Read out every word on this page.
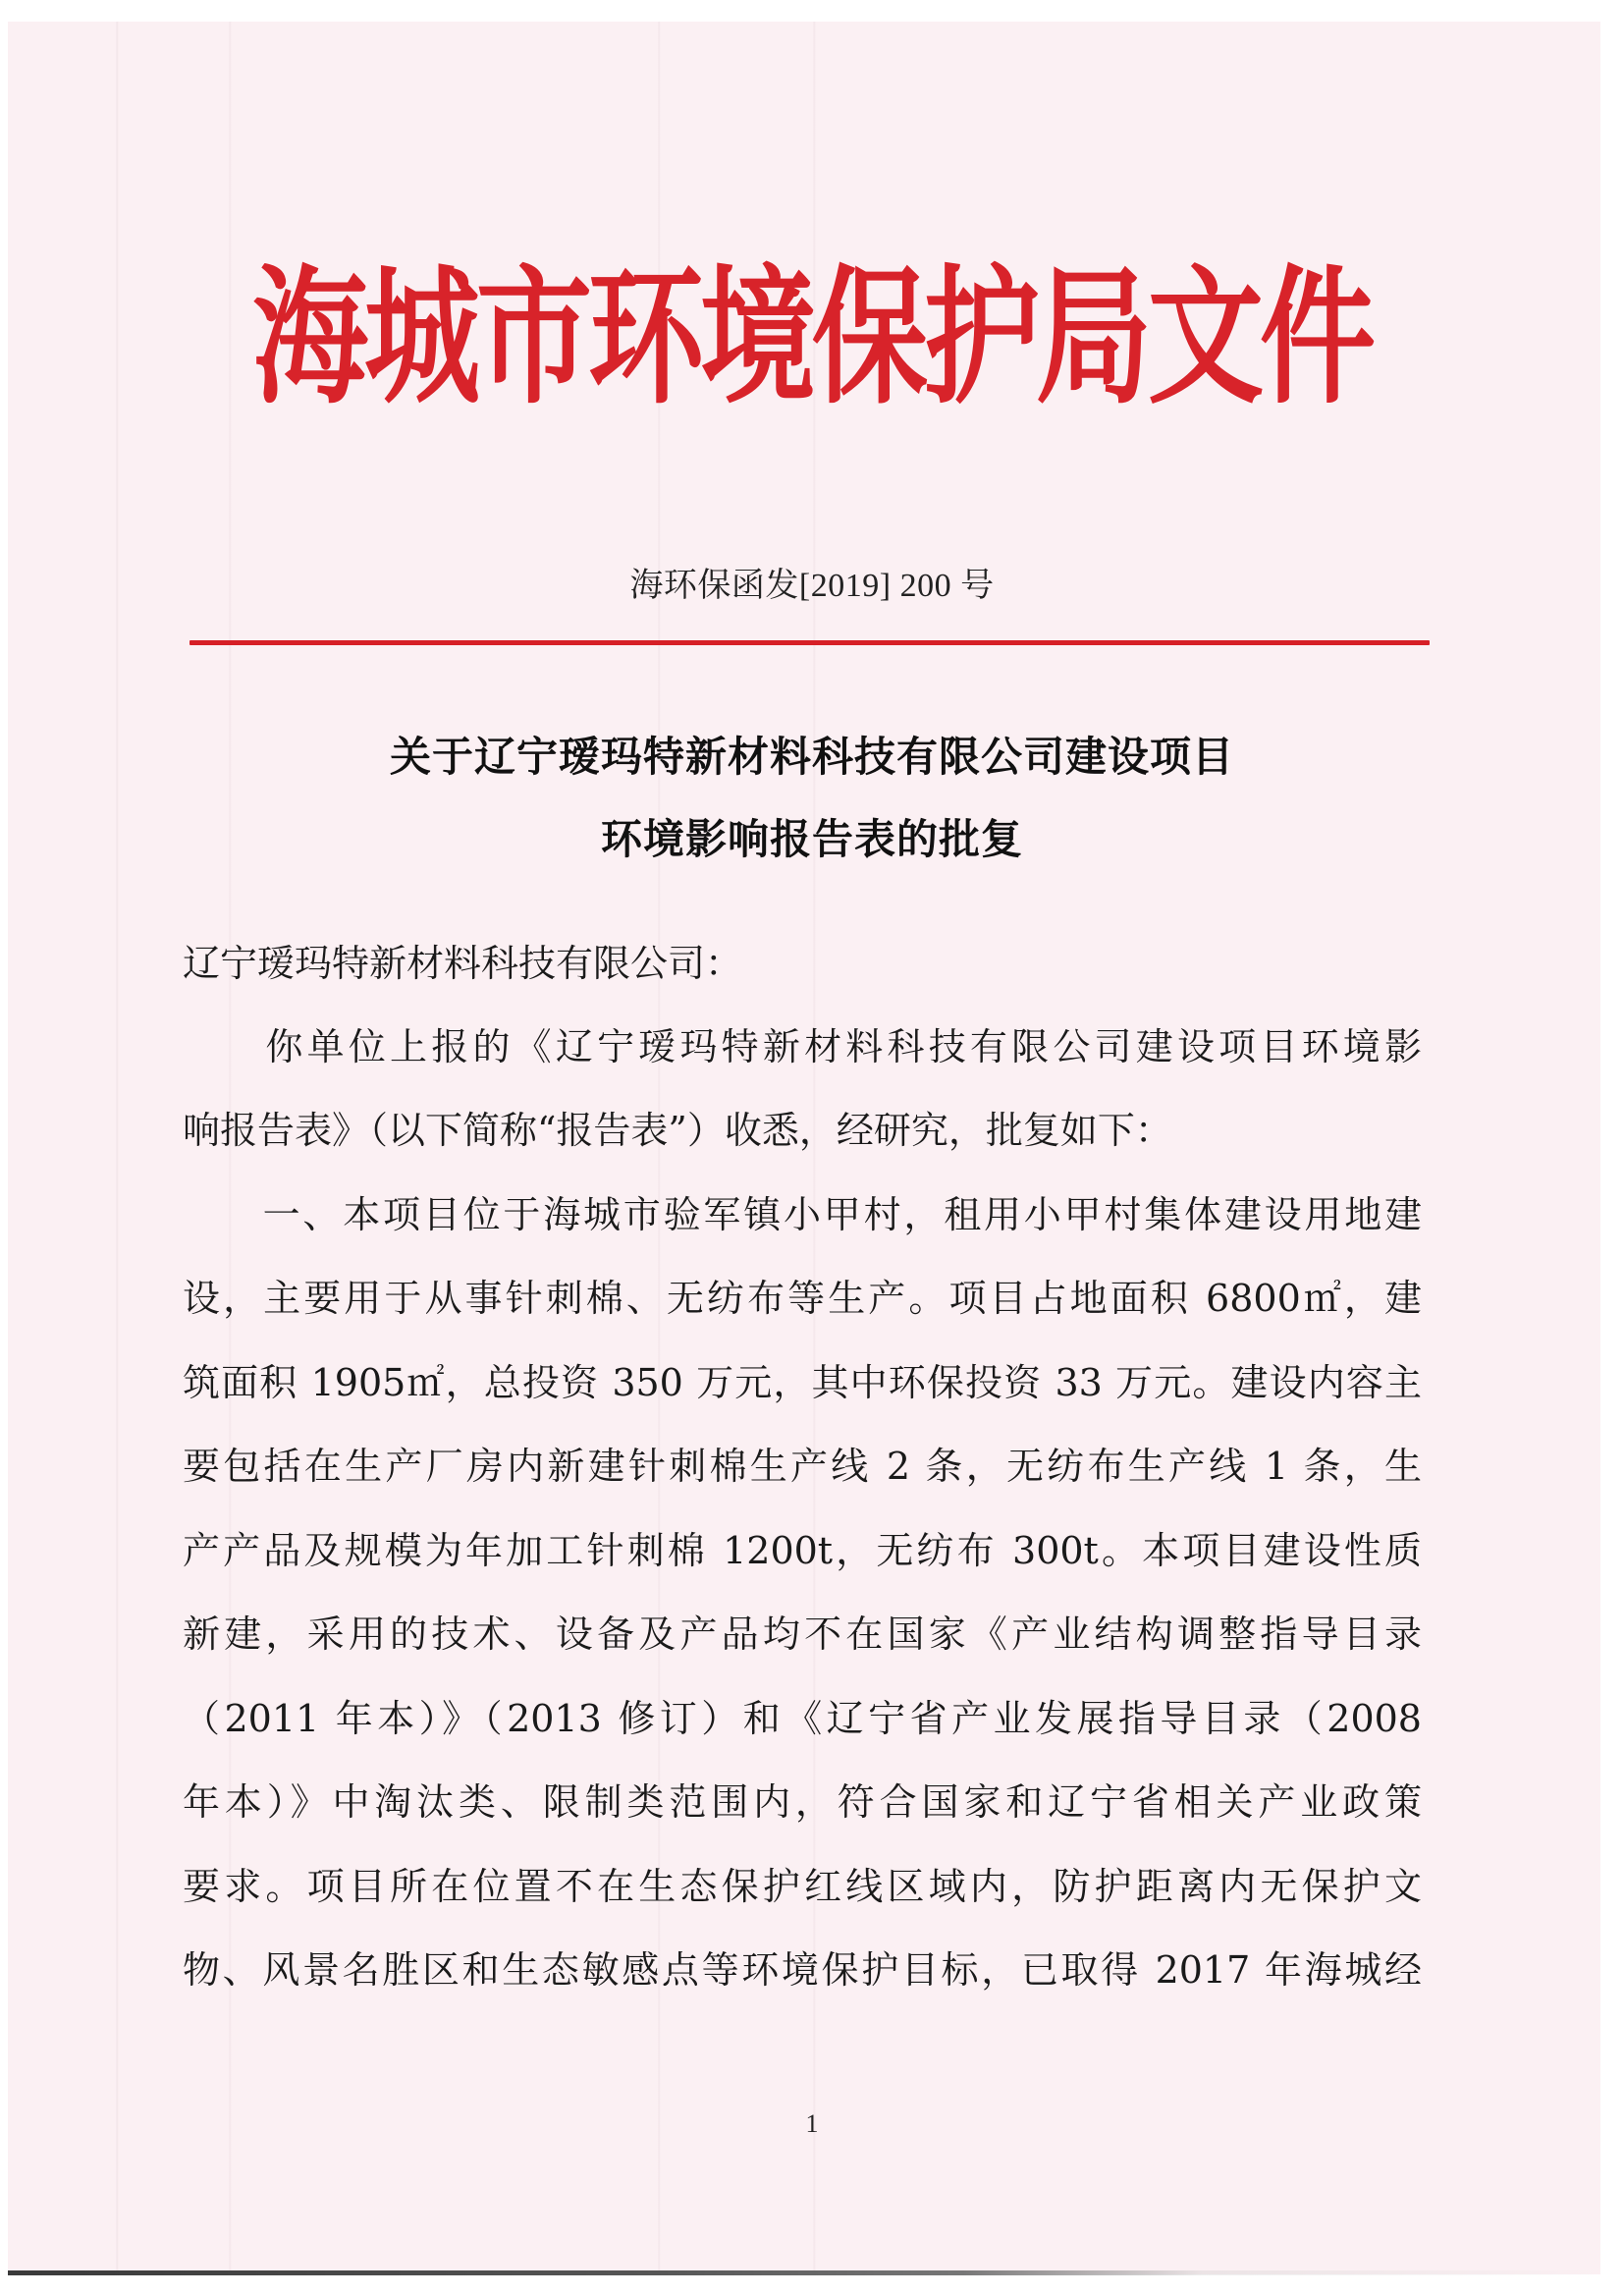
海城市环境保护局文件
海环保函发[2019] 200 号
关于辽宁瑷玛特新材料科技有限公司建设项目
环境影响报告表的批复
辽宁瑷玛特新材料科技有限公司：
　　你单位上报的《辽宁瑷玛特新材料科技有限公司建设项目环境影
响报告表》（以下简称“报告表”）收悉，经研究，批复如下：
　　一、本项目位于海城市验军镇小甲村，租用小甲村集体建设用地建
设，主要用于从事针刺棉、无纺布等生产。项目占地面积 6800㎡，建
筑面积 1905㎡，总投资 350 万元，其中环保投资 33 万元。建设内容主
要包括在生产厂房内新建针刺棉生产线 2 条，无纺布生产线 1 条，生
产产品及规模为年加工针刺棉 1200t，无纺布 300t。本项目建设性质
新建，采用的技术、设备及产品均不在国家《产业结构调整指导目录
（2011 年本）》（2013 修订）和《辽宁省产业发展指导目录（2008
年本）》中淘汰类、限制类范围内，符合国家和辽宁省相关产业政策
要求。项目所在位置不在生态保护红线区域内，防护距离内无保护文
物、风景名胜区和生态敏感点等环境保护目标，已取得 2017 年海城经
1
